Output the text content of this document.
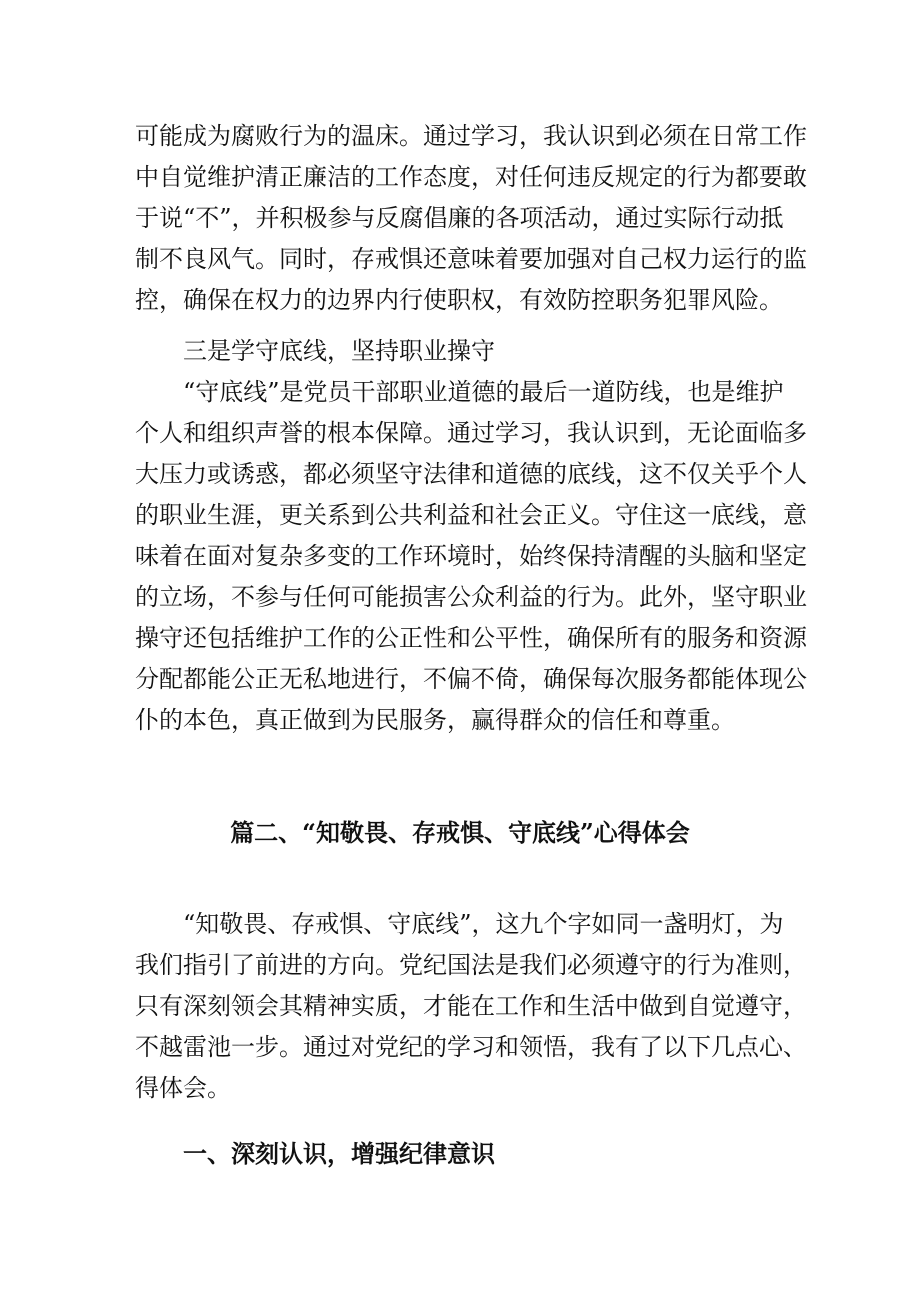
可能成为腐败行为的温床。通过学习，我认识到必须在日常工作
中自觉维护清正廉洁的工作态度，对任何违反规定的行为都要敢
于说“不”，并积极参与反腐倡廉的各项活动，通过实际行动抵
制不良风气。同时，存戒惧还意味着要加强对自己权力运行的监
控，确保在权力的边界内行使职权，有效防控职务犯罪风险。
　　三是学守底线，坚持职业操守
　　“守底线”是党员干部职业道德的最后一道防线，也是维护
个人和组织声誉的根本保障。通过学习，我认识到，无论面临多
大压力或诱惑，都必须坚守法律和道德的底线，这不仅关乎个人
的职业生涯，更关系到公共利益和社会正义。守住这一底线，意
味着在面对复杂多变的工作环境时，始终保持清醒的头脑和坚定
的立场，不参与任何可能损害公众利益的行为。此外，坚守职业
操守还包括维护工作的公正性和公平性，确保所有的服务和资源
分配都能公正无私地进行，不偏不倚，确保每次服务都能体现公
仆的本色，真正做到为民服务，赢得群众的信任和尊重。
篇二、“知敬畏、存戒惧、守底线”心得体会
　　“知敬畏、存戒惧、守底线”，这九个字如同一盏明灯，为
我们指引了前进的方向。党纪国法是我们必须遵守的行为准则，
只有深刻领会其精神实质，才能在工作和生活中做到自觉遵守，
不越雷池一步。通过对党纪的学习和领悟，我有了以下几点心、
得体会。
一、深刻认识，增强纪律意识
